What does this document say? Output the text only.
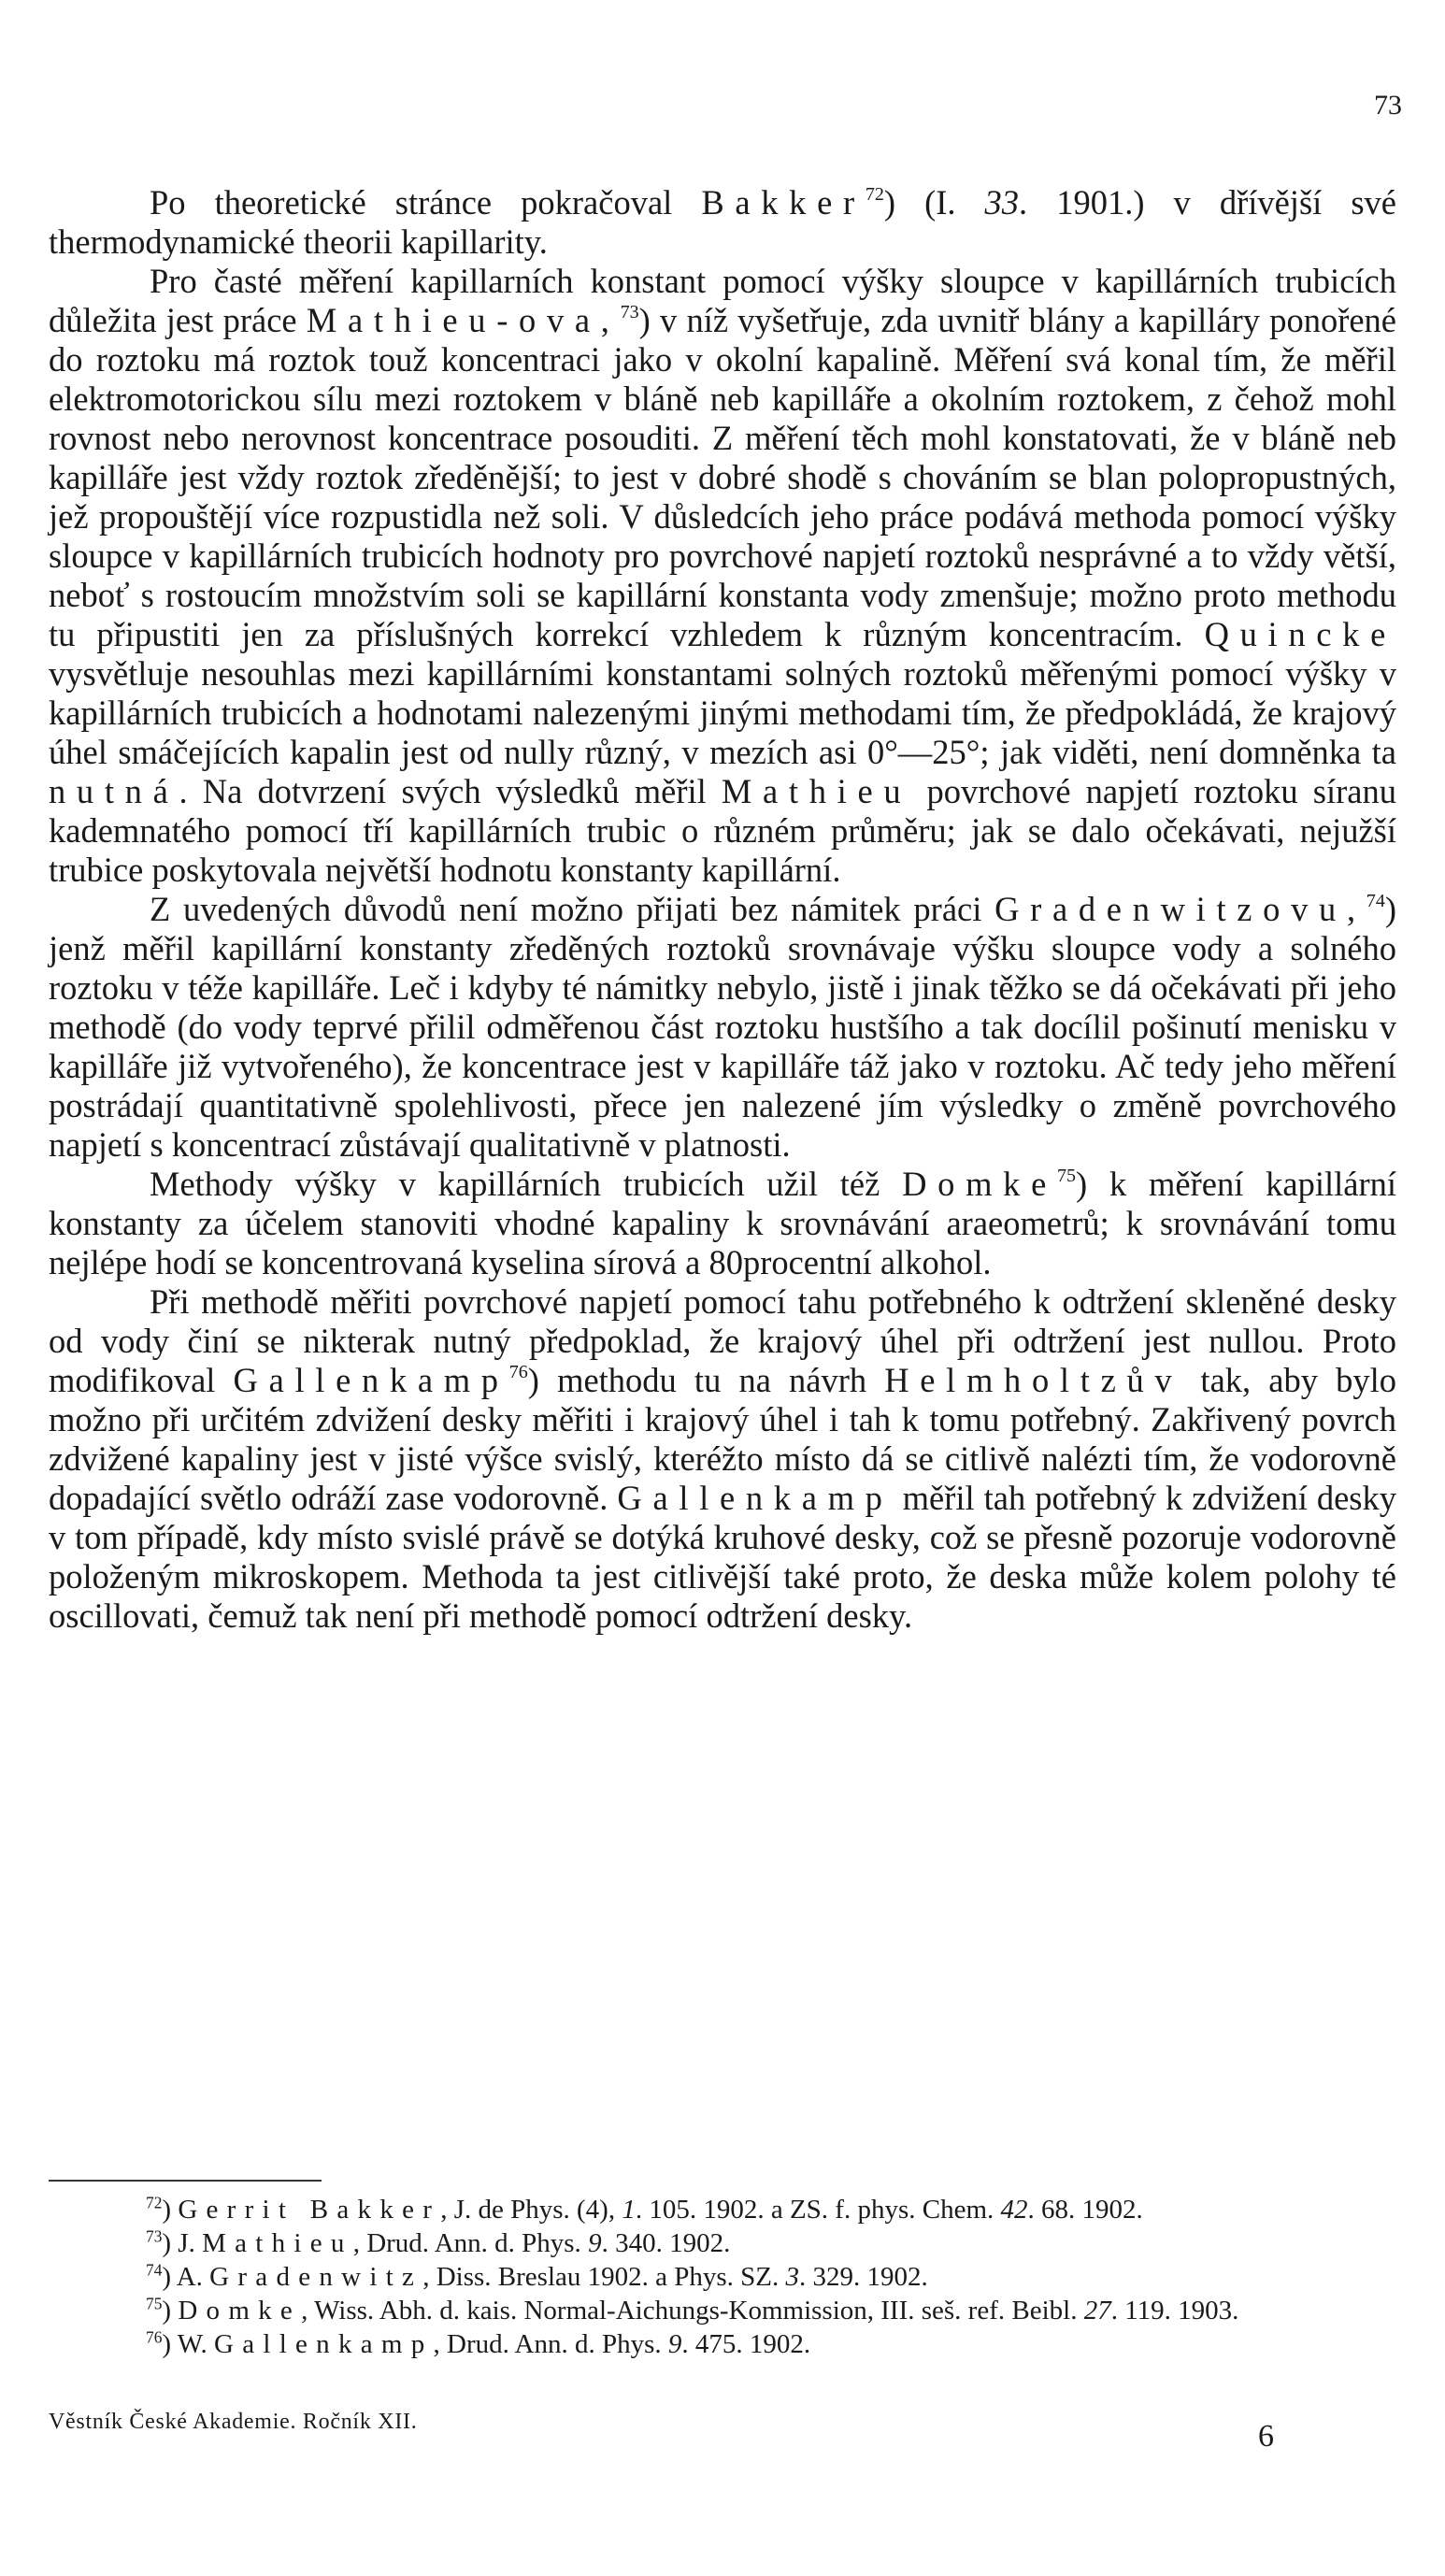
73

Po theoretické stránce pokračoval Bakker$^{72}$) (I. 33. 1901.) v dřívější své thermodynamické theorii kapillarity.

Pro časté měření kapillarních konstant pomocí výšky sloupce v kapillárních trubicích důležita jest práce Mathieu-ova,$^{73}$) v níž vyšetřuje, zda uvnitř blány a kapilláry ponořené do roztoku má roztok touž koncentraci jako v okolní kapalině. Měření svá konal tím, že měřil elektromotorickou sílu mezi roztokem v bláně neb kapilláře a okolním roztokem, z čehož mohl rovnost nebo nerovnost koncentrace posouditi. Z měření těch mohl konstatovati, že v bláně neb kapilláře jest vždy roztok zředěnější; to jest v dobré shodě s chováním se blan polopropustných, jež propouštějí více rozpustidla než soli. V důsledcích jeho práce podává methoda pomocí výšky sloupce v kapillárních trubicích hodnoty pro povrchové napjetí roztoků nesprávné a to vždy větší, neboť s rostoucím množstvím soli se kapillární konstanta vody zmenšuje; možno proto methodu tu připustiti jen za příslušných korrekcí vzhledem k různým koncentracím. Quincke vysvětluje nesouhlas mezi kapillárními konstantami solných roztoků měřenými pomocí výšky v kapillárních trubicích a hodnotami nalezenými jinými methodami tím, že předpokládá, že krajový úhel smáčejících kapalin jest od nully různý, v mezích asi 0°—25°; jak viděti, není domněnka ta nutná. Na dotvrzení svých výsledků měřil Mathieu povrchové napjetí roztoku síranu kademnatého pomocí tří kapillárních trubic o různém průměru; jak se dalo očekávati, nejužší trubice poskytovala největší hodnotu konstanty kapillární.

Z uvedených důvodů není možno přijati bez námitek práci Gradenwitzovu,$^{74}$) jenž měřil kapillární konstanty zředěných roztoků srovnávaje výšku sloupce vody a solného roztoku v téže kapilláře. Leč i kdyby té námitky nebylo, jistě i jinak těžko se dá očekávati při jeho methodě (do vody teprvé přilil odměřenou část roztoku hustšího a tak docílil pošinutí menisku v kapilláře již vytvořeného), že koncentrace jest v kapilláře táž jako v roztoku. Ač tedy jeho měření postrádají quantitativně spolehlivosti, přece jen nalezené jím výsledky o změně povrchového napjetí s koncentrací zůstávají qualitativně v platnosti.

Methody výšky v kapillárních trubicích užil též Domke$^{75}$) k měření kapillární konstanty za účelem stanoviti vhodné kapaliny k srovnávání araeometrů; k srovnávání tomu nejlépe hodí se koncentrovaná kyselina sírová a 80procentní alkohol.

Při methodě měřiti povrchové napjetí pomocí tahu potřebného k odtržení skleněné desky od vody činí se nikterak nutný předpoklad, že krajový úhel při odtržení jest nullou. Proto modifikoval Gallenkamp$^{76}$) methodu tu na návrh Helmholtzův tak, aby bylo možno při určitém zdvižení desky měřiti i krajový úhel i tah k tomu potřebný. Zakřivený povrch zdvižené kapaliny jest v jisté výšce svislý, kteréžto místo dá se citlivě nalézti tím, že vodorovně dopadající světlo odráží zase vodorovně. Gallenkamp měřil tah potřebný k zdvižení desky v tom případě, kdy místo svislé právě se dotýká kruhové desky, což se přesně pozoruje vodorovně položeným mikroskopem. Methoda ta jest citlivější také proto, že deska může kolem polohy té oscillovati, čemuž tak není při methodě pomocí odtržení desky.

$^{72}$) Gerrit Bakker, J. de Phys. (4), 1. 105. 1902. a ZS. f. phys. Chem. 42. 68. 1902.

$^{73}$) J. Mathieu, Drud. Ann. d. Phys. 9. 340. 1902.

$^{74}$) A. Gradenwitz, Diss. Breslau 1902. a Phys. SZ. 3. 329. 1902.

$^{75}$) Domke, Wiss. Abh. d. kais. Normal-Aichungs-Kommission, III. seš. ref. Beibl. 27. 119. 1903.

$^{76}$) W. Gallenkamp, Drud. Ann. d. Phys. 9. 475. 1902.

Věstník České Akademie. Ročník XII.	6
